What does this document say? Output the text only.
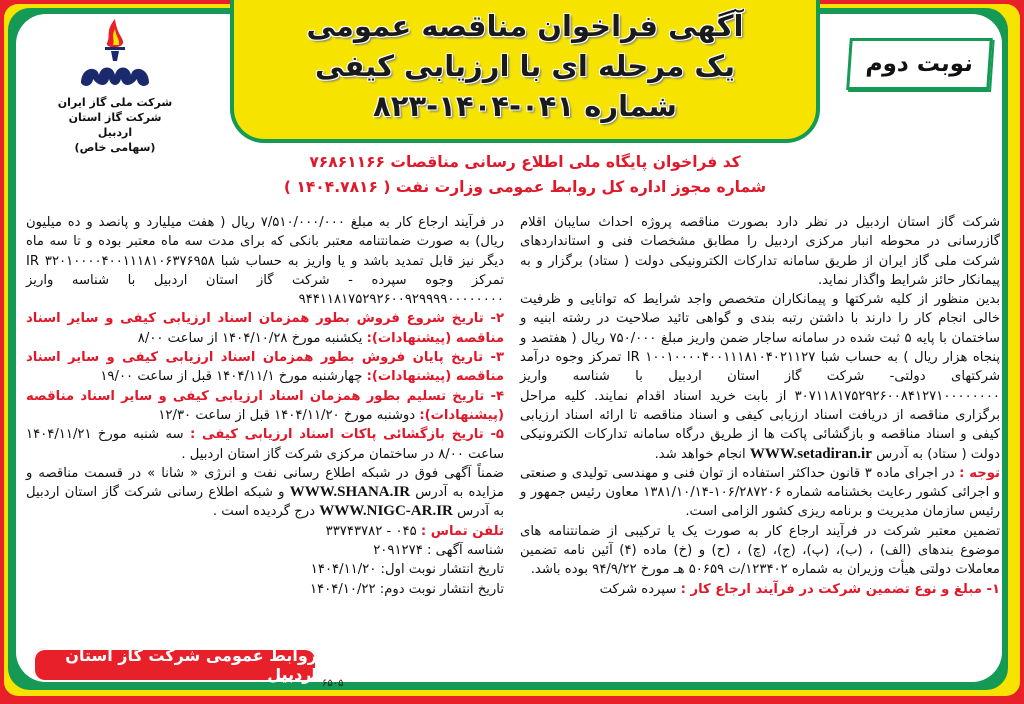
آگهی فراخوان مناقصه عمومی
یک مرحله ای با ارزیابی کیفی
شماره ۰۴۱-۱۴۰۴-۸۲۳
شرکت ملی گاز ایران
شرکت گاز استان اردبیل
(سهامی خاص)
نوبت دوم
کد فراخوان پایگاه ملی اطلاع رسانی مناقصات ۷۶۸۶۱۱۶۶
شماره مجوز اداره کل روابط عمومی وزارت نفت ( ۱۴۰۴.۷۸۱۶ )

شرکت گاز استان اردبیل در نظر دارد بصورت مناقصه پروژه احداث سایبان اقلام گازرسانی در محوطه انبار مرکزی اردبیل را مطابق مشخصات فنی و استانداردهای شرکت ملی گاز ایران از طریق سامانه تدارکات الکترونیکی دولت ( ستاد) برگزار و به پیمانکار حائز شرایط واگذار نماید.

بدین منظور از کلیه شرکتها و پیمانکاران متخصص واجد شرایط که توانایی و ظرفیت خالی انجام کار را دارند با داشتن رتبه بندی و گواهی تائید صلاحیت در رشته ابنیه و ساختمان با پایه ۵ ثبت شده در سامانه ساجار ضمن واریز مبلغ ۷۵۰/۰۰۰ ریال ( هفتصد و پنجاه هزار ریال ) به حساب شبا IR ۱۰۰۱۰۰۰۰۴۰۰۱۱۱۸۱۰۴۰۲۱۱۲۷ تمرکز وجوه درآمد شرکتهای دولتی- شرکت گاز استان اردبیل با شناسه واریز ۳۰۷۱۱۸۱۷۵۲۹۲۶۰۰۸۴۱۲۷۱۰۰۰۰۰۰۰۰ از بابت خرید اسناد اقدام نمایند. کلیه مراحل برگزاری مناقصه از دریافت اسناد ارزیابی کیفی و اسناد مناقصه تا ارائه اسناد ارزیابی کیفی و اسناد مناقصه و بازگشائی پاکت ها از طریق درگاه سامانه تدارکات الکترونیکی دولت ( ستاد) به آدرس WWW.setadiran.ir انجام خواهد شد.

توجه : در اجرای ماده ۳ قانون حداکثر استفاده از توان فنی و مهندسی تولیدی و صنعتی و اجرائی کشور رعایت بخشنامه شماره ۱۰۶/۲۸۷۲۰۶-۱۳۸۱/۱۰/۱۴ معاون رئیس جمهور و رئیس سازمان مدیریت و برنامه ریزی کشور الزامی است.

تضمین معتبر شرکت در فرآیند ارجاع کار به صورت یک یا ترکیبی از ضمانتنامه های موضوع بندهای (الف) ، (ب)، (پ)، (ج)، (چ) ، (ح) و (خ) ماده (۴) آئین نامه تضمین معاملات دولتی هیأت وزیران به شماره ۱۲۳۴۰۲/ت ۵۰۶۵۹ هـ مورخ ۹۴/۹/۲۲ بوده باشد.

۱- مبلغ و نوع تضمین شرکت در فرآیند ارجاع کار : سپرده شرکت

در فرآیند ارجاع کار به مبلغ ۷/۵۱۰/۰۰۰/۰۰۰ ریال ( هفت میلیارد و پانصد و ده میلیون ریال) به صورت ضمانتنامه معتبر بانکی که برای مدت سه ماه معتبر بوده و تا سه ماه دیگر نیز قابل تمدید باشد و یا واریز به حساب شبا IR ۳۲۰۱۰۰۰۰۴۰۰۱۱۱۸۱۰۶۳۷۶۹۵۸ تمرکز وجوه سپرده - شرکت گاز استان اردبیل با شناسه واریز ۹۴۴۱۱۸۱۷۵۲۹۲۶۰۰۹۲۹۹۹۹۰۰۰۰۰۰۰۰

۲- تاریخ شروع فروش بطور همزمان اسناد ارزیابی کیفی و سایر اسناد مناقصه (پیشنهادات): یکشنبه مورخ ۱۴۰۴/۱۰/۲۸ از ساعت ۸/۰۰

۳- تاریخ پایان فروش بطور همزمان اسناد ارزیابی کیفی و سایر اسناد مناقصه (پیشنهادات): چهارشنبه مورخ ۱۴۰۴/۱۱/۱ قبل از ساعت ۱۹/۰۰

۴- تاریخ تسلیم بطور همزمان اسناد ارزیابی کیفی و سایر اسناد مناقصه (پیشنهادات): دوشنبه مورخ ۱۴۰۴/۱۱/۲۰ قبل از ساعت ۱۲/۳۰

۵- تاریخ بازگشائی پاکات اسناد ارزیابی کیفی : سه شنبه مورخ ۱۴۰۴/۱۱/۲۱ ساعت ۸/۰۰ در ساختمان مرکزی شرکت گاز استان اردبیل .

ضمناً آگهی فوق در شبکه اطلاع رسانی نفت و انرژی « شانا » در قسمت مناقصه و مزایده به آدرس WWW.SHANA.IR و شبکه اطلاع رسانی شرکت گاز استان اردبیل به آدرس WWW.NIGC-AR.IR درج گردیده است .

تلفن تماس : ۰۴۵ - ۳۳۷۴۳۷۸۲

شناسه آگهی : ۲۰۹۱۲۷۴

تاریخ انتشار نوبت اول: ۱۴۰۴/۱۱/۲۰

تاریخ انتشار نوبت دوم: ۱۴۰۴/۱۰/۲۲

روابط عمومی شرکت گاز استان اردبیل ۶۵۰۵
